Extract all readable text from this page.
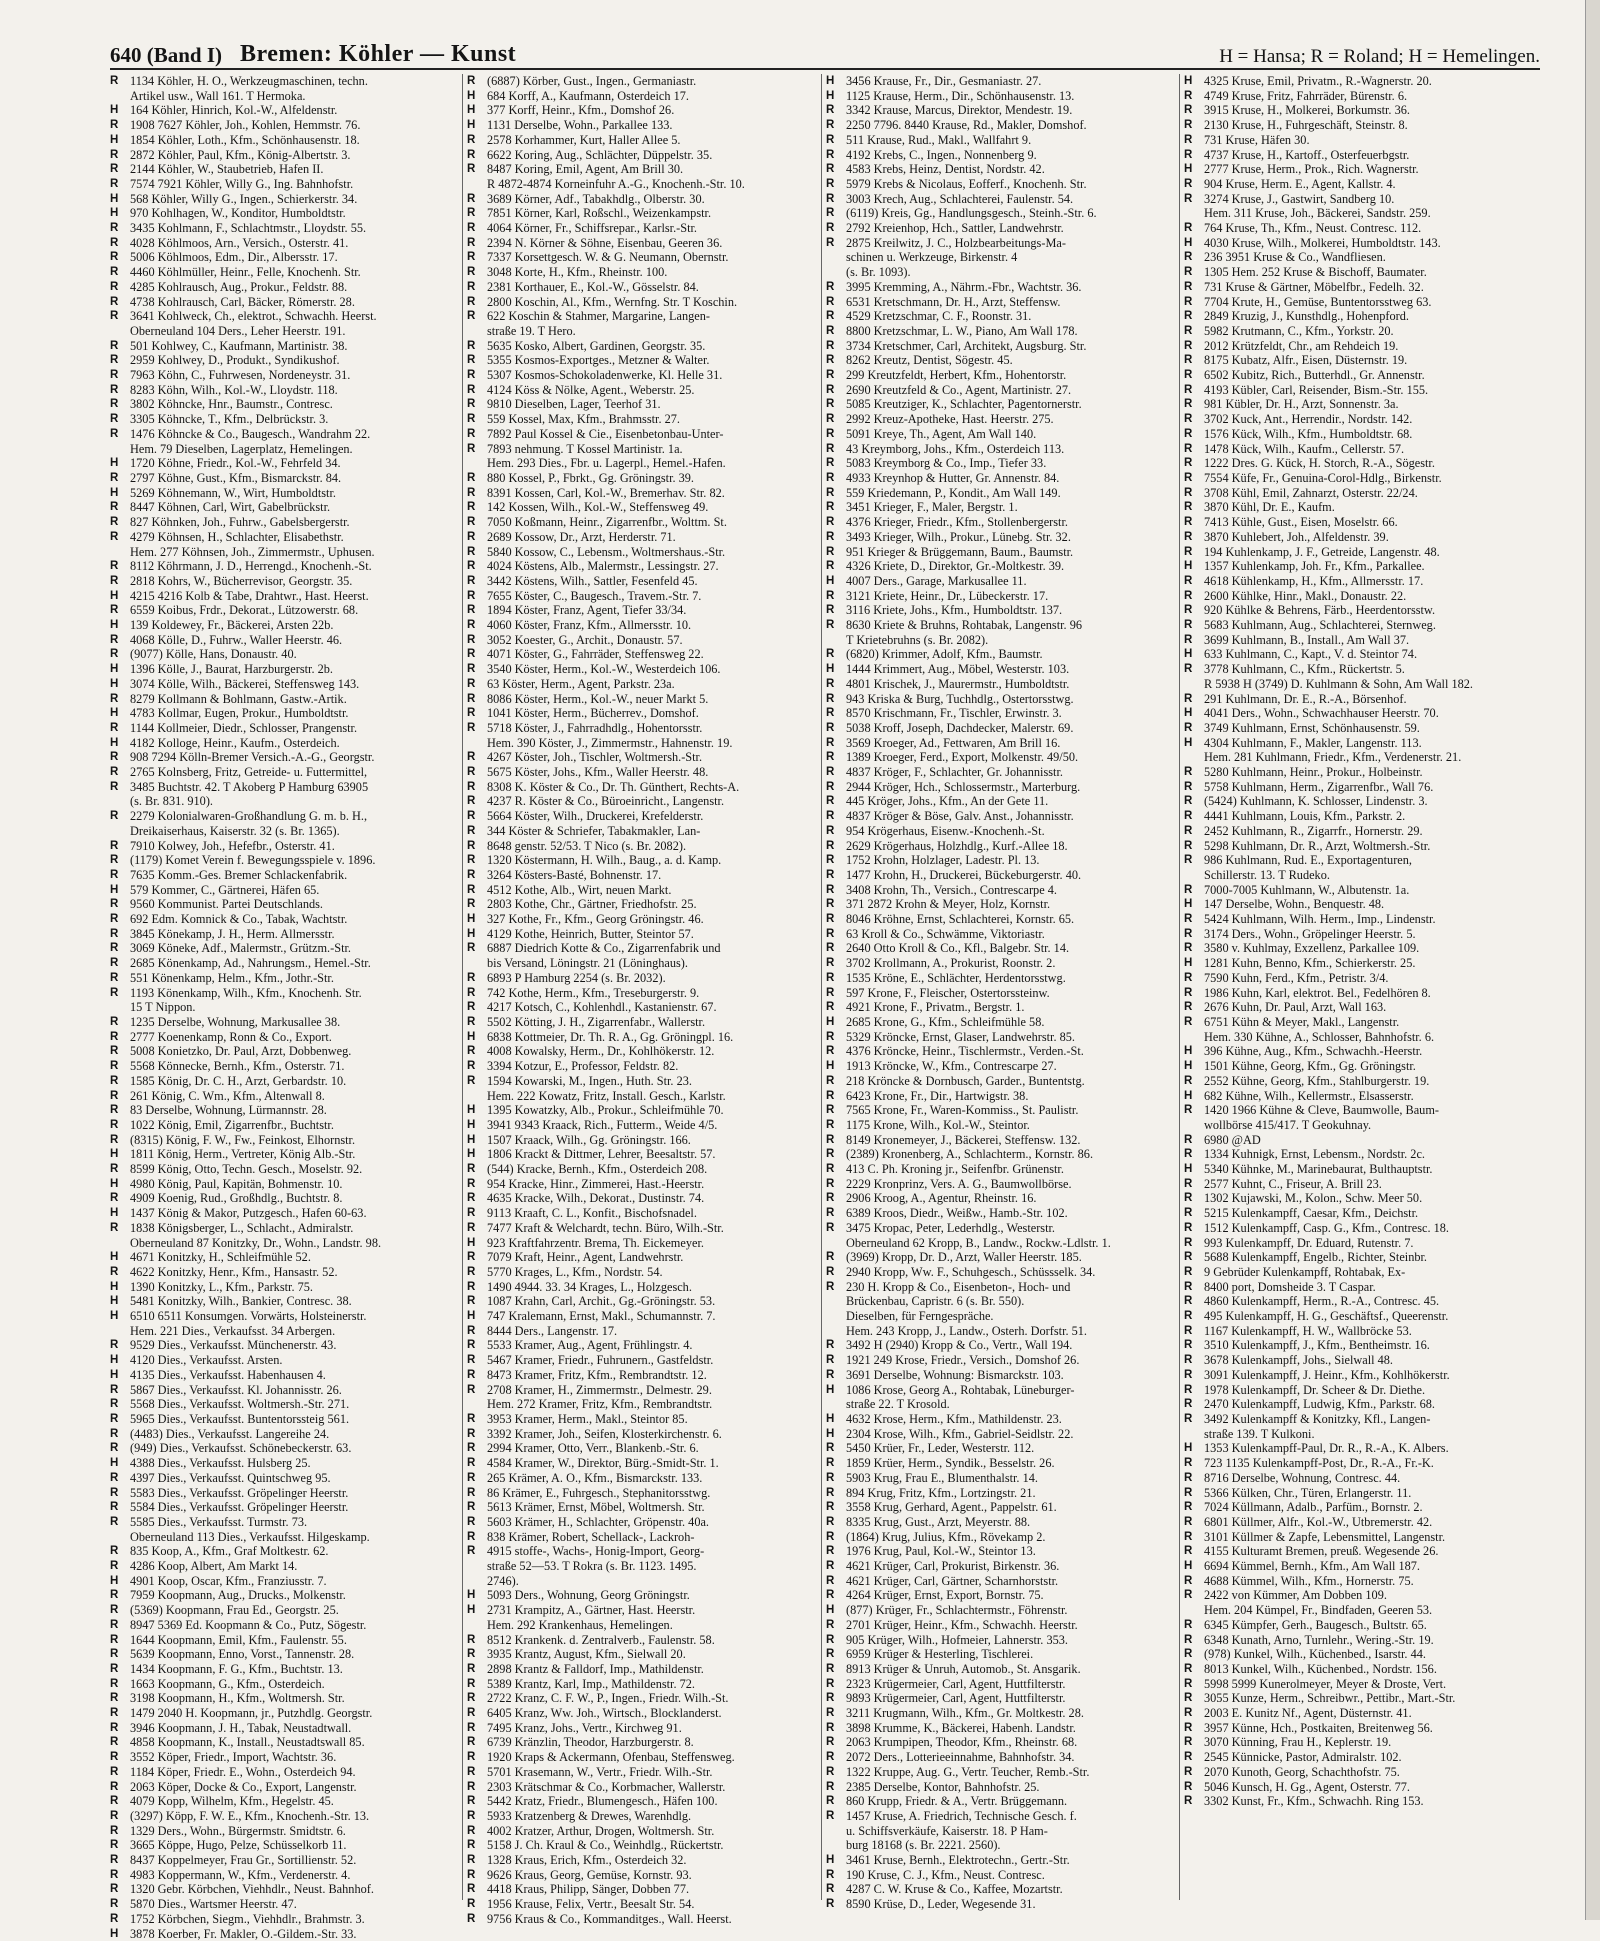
640 (Band I) Bremen: Köhler — Kunst	H = Hansa; R = Roland; H = Hemelingen.
R 1134 Köhler, H. O., Werkzeugmaschinen, techn.
Artikel usw., Wall 161. T Hermoka.
H 164 Köhler, Hinrich, Kol.-W., Alfeldenstr.
R 1908 7627 Köhler, Joh., Kohlen, Hemmstr. 76.
H 1854 Köhler, Loth., Kfm., Schönhausenstr. 18.
R 2872 Köhler, Paul, Kfm., König-Albertstr. 3.
R 2144 Köhler, W., Staubetrieb, Hafen II.
R 7574 7921 Köhler, Willy G., Ing. Bahnhofstr.
H 568 Köhler, Willy G., Ingen., Schierkerstr. 34.
H 970 Kohlhagen, W., Konditor, Humboldtstr.
R 3435 Kohlmann, F., Schlachtmstr., Lloydstr. 55.
R 4028 Köhlmoos, Arn., Versich., Osterstr. 41.
R 5006 Köhlmoos, Edm., Dir., Albersstr. 17.
R 4460 Köhlmüller, Heinr., Felle, Knochenh. Str.
R 4285 Kohlrausch, Aug., Prokur., Feldstr. 88.
R 4738 Kohlrausch, Carl, Bäcker, Römerstr. 28.
R 3641 Kohlweck, Ch., elektrot., Schwachh. Heerst.
Oberneuland 104 Ders., Leher Heerstr. 191.
R 501 Kohlwey, C., Kaufmann, Martinistr. 38.
R 2959 Kohlwey, D., Produkt., Syndikushof.
R 7963 Köhn, C., Fuhrwesen, Nordeneystr. 31.
R 8283 Köhn, Wilh., Kol.-W., Lloydstr. 118.
R 3802 Köhncke, Hnr., Baumstr., Contresc.
R 3305 Köhncke, T., Kfm., Delbrückstr. 3.
R 1476 Köhncke & Co., Baugesch., Wandrahm 22.
Hem. 79 Dieselben, Lagerplatz, Hemelingen.
H 1720 Köhne, Friedr., Kol.-W., Fehrfeld 34.
R 2797 Köhne, Gust., Kfm., Bismarckstr. 84.
H 5269 Köhnemann, W., Wirt, Humboldtstr.
R 8447 Köhnen, Carl, Wirt, Gabelbrückstr.
R 827 Köhnken, Joh., Fuhrw., Gabelsbergerstr.
R 4279 Köhnsen, H., Schlachter, Elisabethstr.
Hem. 277 Köhnsen, Joh., Zimmermstr., Uphusen.
R 8112 Köhrmann, J. D., Herrengd., Knochenh.-St.
R 2818 Kohrs, W., Bücherrevisor, Georgstr. 35.
H 4215 4216 Kolb & Tabe, Drahtwr., Hast. Heerst.
R 6559 Koibus, Frdr., Dekorat., Lützowerstr. 68.
H 139 Koldewey, Fr., Bäckerei, Arsten 22b.
R 4068 Kölle, D., Fuhrw., Waller Heerstr. 46.
R (9077) Kölle, Hans, Donaustr. 40.
H 1396 Kölle, J., Baurat, Harzburgerstr. 2b.
H 3074 Kölle, Wilh., Bäckerei, Steffensweg 143.
R 8279 Kollmann & Bohlmann, Gastw.-Artik.
H 4783 Kollmar, Eugen, Prokur., Humboldtstr.
R 1144 Kollmeier, Diedr., Schlosser, Prangenstr.
H 4182 Kolloge, Heinr., Kaufm., Osterdeich.
R 908 7294 Kölln-Bremer Versich.-A.-G., Georgstr.
R 2765 Kolnsberg, Fritz, Getreide- u. Futtermittel,
R 3485 Buchtstr. 42. T Akoberg P Hamburg 63905
(s. Br. 831. 910).
R 2279 Kolonialwaren-Großhandlung G. m. b. H.,
Dreikaiserhaus, Kaiserstr. 32 (s. Br. 1365).
R 7910 Kolwey, Joh., Hefefbr., Osterstr. 41.
R (1179) Komet Verein f. Bewegungsspiele v. 1896.
R 7635 Komm.-Ges. Bremer Schlackenfabrik.
H 579 Kommer, C., Gärtnerei, Häfen 65.
R 9560 Kommunist. Partei Deutschlands.
R 692 Edm. Komnick & Co., Tabak, Wachtstr.
R 3845 Könekamp, J. H., Herm. Allmersstr.
R 3069 Köneke, Adf., Malermstr., Grützm.-Str.
R 2685 Könenkamp, Ad., Nahrungsm., Hemel.-Str.
R 551 Könenkamp, Helm., Kfm., Jothr.-Str.
R 1193 Könenkamp, Wilh., Kfm., Knochenh. Str.
15 T Nippon.
R 1235 Derselbe, Wohnung, Markusallee 38.
R 2777 Koenenkamp, Ronn & Co., Export.
R 5008 Konietzko, Dr. Paul, Arzt, Dobbenweg.
R 5568 Könnecke, Bernh., Kfm., Osterstr. 71.
R 1585 König, Dr. C. H., Arzt, Gerbardstr. 10.
R 261 König, C. Wm., Kfm., Altenwall 8.
R 83 Derselbe, Wohnung, Lürmannstr. 28.
R 1022 König, Emil, Zigarrenfbr., Buchtstr.
R (8315) König, F. W., Fw., Feinkost, Elhornstr.
H 1811 König, Herm., Vertreter, König Alb.-Str.
R 8599 König, Otto, Techn. Gesch., Moselstr. 92.
H 4980 König, Paul, Kapitän, Bohmenstr. 10.
R 4909 Koenig, Rud., Großhdlg., Buchtstr. 8.
H 1437 König & Makor, Putzgesch., Hafen 60-63.
R 1838 Königsberger, L., Schlacht., Admiralstr.
Oberneuland 87 Konitzky, Dr., Wohn., Landstr. 98.
H 4671 Konitzky, H., Schleifmühle 52.
R 4622 Konitzky, Henr., Kfm., Hansastr. 52.
H 1390 Konitzky, L., Kfm., Parkstr. 75.
H 5481 Konitzky, Wilh., Bankier, Contresc. 38.
H 6510 6511 Konsumgen. Vorwärts, Holsteinerstr.
Hem. 221 Dies., Verkaufsst. 34 Arbergen.
R 9529 Dies., Verkaufsst. Münchenerstr. 43.
H 4120 Dies., Verkaufsst. Arsten.
H 4135 Dies., Verkaufsst. Habenhausen 4.
R 5867 Dies., Verkaufsst. Kl. Johannisstr. 26.
R 5568 Dies., Verkaufsst. Woltmersh.-Str. 271.
R 5965 Dies., Verkaufsst. Buntentorssteig 561.
R (4483) Dies., Verkaufsst. Langereihe 24.
R (949) Dies., Verkaufsst. Schönebeckerstr. 63.
H 4388 Dies., Verkaufsst. Hulsberg 25.
R 4397 Dies., Verkaufsst. Quintschweg 95.
R 5583 Dies., Verkaufsst. Gröpelinger Heerstr.
R 5584 Dies., Verkaufsst. Gröpelinger Heerstr.
R 5585 Dies., Verkaufsst. Turmstr. 73.
Oberneuland 113 Dies., Verkaufsst. Hilgeskamp.
R 835 Koop, A., Kfm., Graf Moltkestr. 62.
R 4286 Koop, Albert, Am Markt 14.
H 4901 Koop, Oscar, Kfm., Franziusstr. 7.
R 7959 Koopmann, Aug., Drucks., Molkenstr.
R (5369) Koopmann, Frau Ed., Georgstr. 25.
R 8947 5369 Ed. Koopmann & Co., Putz, Sögestr.
R 1644 Koopmann, Emil, Kfm., Faulenstr. 55.
R 5639 Koopmann, Enno, Vorst., Tannenstr. 28.
R 1434 Koopmann, F. G., Kfm., Buchtstr. 13.
R 1663 Koopmann, G., Kfm., Osterdeich.
R 3198 Koopmann, H., Kfm., Woltmersh. Str.
R 1479 2040 H. Koopmann, jr., Putzhdlg. Georgstr.
R 3946 Koopmann, J. H., Tabak, Neustadtwall.
R 4858 Koopmann, K., Install., Neustadtswall 85.
R 3552 Köper, Friedr., Import, Wachtstr. 36.
R 1184 Köper, Friedr. E., Wohn., Osterdeich 94.
R 2063 Köper, Docke & Co., Export, Langenstr.
R 4079 Kopp, Wilhelm, Kfm., Hegelstr. 45.
R (3297) Köpp, F. W. E., Kfm., Knochenh.-Str. 13.
R 1329 Ders., Wohn., Bürgermstr. Smidtstr. 6.
R 3665 Köppe, Hugo, Pelze, Schüsselkorb 11.
R 8437 Koppelmeyer, Frau Gr., Sortillienstr. 52.
R 4983 Koppermann, W., Kfm., Verdenerstr. 4.
R 1320 Gebr. Körbchen, Viehhdlr., Neust. Bahnhof.
R 5870 Dies., Wartsmer Heerstr. 47.
R 1752 Körbchen, Siegm., Viehhdlr., Brahmstr. 3.
H 3878 Koerber, Fr. Makler, O.-Gildem.-Str. 33.
R (6887) Körber, Gust., Ingen., Germaniastr.
H 684 Korff, A., Kaufmann, Osterdeich 17.
H 377 Korff, Heinr., Kfm., Domshof 26.
H 1131 Derselbe, Wohn., Parkallee 133.
R 2578 Korhammer, Kurt, Haller Allee 5.
R 6622 Koring, Aug., Schlächter, Düppelstr. 35.
R 8487 Koring, Emil, Agent, Am Brill 30.
R 4872-4874 Korneinfuhr A.-G., Knochenh.-Str. 10.
R 3689 Körner, Adf., Tabakhdlg., Olberstr. 30.
R 7851 Körner, Karl, Roßschl., Weizenkampstr.
R 4064 Körner, Fr., Schiffsrepar., Karlsr.-Str.
R 2394 N. Körner & Söhne, Eisenbau, Geeren 36.
R 7337 Korsettgesch. W. & G. Neumann, Obernstr.
R 3048 Korte, H., Kfm., Rheinstr. 100.
R 2381 Korthauer, E., Kol.-W., Gösselstr. 84.
R 2800 Koschin, Al., Kfm., Wernfng. Str. T Koschin.
R 622 Koschin & Stahmer, Margarine, Langen-
straße 19. T Hero.
R 5635 Kosko, Albert, Gardinen, Georgstr. 35.
R 5355 Kosmos-Exportges., Metzner & Walter.
R 5307 Kosmos-Schokoladenwerke, Kl. Helle 31.
R 4124 Köss & Nölke, Agent., Weberstr. 25.
R 9810 Dieselben, Lager, Teerhof 31.
R 559 Kossel, Max, Kfm., Brahmsstr. 27.
R 7892 Paul Kossel & Cie., Eisenbetonbau-Unter-
R 7893 nehmung. T Kossel Martinistr. 1a.
Hem. 293 Dies., Fbr. u. Lagerpl., Hemel.-Hafen.
R 880 Kossel, P., Fbrkt., Gg. Gröningstr. 39.
R 8391 Kossen, Carl, Kol.-W., Bremerhav. Str. 82.
R 142 Kossen, Wilh., Kol.-W., Steffensweg 49.
R 7050 Koßmann, Heinr., Zigarrenfbr., Wolttm. St.
R 2689 Kossow, Dr., Arzt, Herderstr. 71.
R 5840 Kossow, C., Lebensm., Woltmershaus.-Str.
R 4024 Köstens, Alb., Malermstr., Lessingstr. 27.
R 3442 Köstens, Wilh., Sattler, Fesenfeld 45.
R 7655 Köster, C., Baugesch., Travem.-Str. 7.
R 1894 Köster, Franz, Agent, Tiefer 33/34.
R 4060 Köster, Franz, Kfm., Allmersstr. 10.
R 3052 Koester, G., Archit., Donaustr. 57.
R 4071 Köster, G., Fahrräder, Steffensweg 22.
R 3540 Köster, Herm., Kol.-W., Westerdeich 106.
R 63 Köster, Herm., Agent, Parkstr. 23a.
R 8086 Köster, Herm., Kol.-W., neuer Markt 5.
R 1041 Köster, Herm., Bücherrev., Domshof.
R 5718 Köster, J., Fahrradhdlg., Hohentorsstr.
Hem. 390 Köster, J., Zimmermstr., Hahnenstr. 19.
R 4267 Köster, Joh., Tischler, Woltmersh.-Str.
R 5675 Köster, Johs., Kfm., Waller Heerstr. 48.
R 8308 K. Köster & Co., Dr. Th. Günthert, Rechts-A.
R 4237 R. Köster & Co., Büroeinricht., Langenstr.
R 5664 Köster, Wilh., Druckerei, Krefelderstr.
R 344 Köster & Schriefer, Tabakmakler, Lan-
R 8648 genstr. 52/53. T Nico (s. Br. 2082).
R 1320 Köstermann, H. Wilh., Baug., a. d. Kamp.
R 3264 Kösters-Basté, Bohnenstr. 17.
R 4512 Kothe, Alb., Wirt, neuen Markt.
R 2803 Kothe, Chr., Gärtner, Friedhofstr. 25.
H 327 Kothe, Fr., Kfm., Georg Gröningstr. 46.
H 4129 Kothe, Heinrich, Butter, Steintor 57.
R 6887 Diedrich Kotte & Co., Zigarrenfabrik und
bis Versand, Löningstr. 21 (Löninghaus).
R 6893 P Hamburg 2254 (s. Br. 2032).
R 742 Kothe, Herm., Kfm., Treseburgerstr. 9.
R 4217 Kotsch, C., Kohlenhdl., Kastanienstr. 67.
R 5502 Kötting, J. H., Zigarrenfabr., Wallerstr.
H 6838 Kottmeier, Dr. Th. R. A., Gg. Gröningpl. 16.
R 4008 Kowalsky, Herm., Dr., Kohlhökerstr. 12.
R 3394 Kotzur, E., Professor, Feldstr. 82.
R 1594 Kowarski, M., Ingen., Huth. Str. 23.
Hem. 222 Kowatz, Fritz, Install. Gesch., Karlstr.
H 1395 Kowatzky, Alb., Prokur., Schleifmühle 70.
H 3941 9343 Kraack, Rich., Futterm., Weide 4/5.
H 1507 Kraack, Wilh., Gg. Gröningstr. 166.
H 1806 Krackt & Dittmer, Lehrer, Beesaltstr. 57.
R (544) Kracke, Bernh., Kfm., Osterdeich 208.
R 954 Kracke, Hinr., Zimmerei, Hast.-Heerstr.
R 4635 Kracke, Wilh., Dekorat., Dustinstr. 74.
R 9113 Kraaft, C. L., Konfit., Bischofsnadel.
R 7477 Kraft & Welchardt, techn. Büro, Wilh.-Str.
H 923 Kraftfahrzentr. Brema, Th. Eickemeyer.
R 7079 Kraft, Heinr., Agent, Landwehrstr.
R 5770 Krages, L., Kfm., Nordstr. 54.
R 1490 4944. 33. 34 Krages, L., Holzgesch.
R 1087 Krahn, Carl, Archit., Gg.-Gröningstr. 53.
H 747 Kralemann, Ernst, Makl., Schumannstr. 7.
R 8444 Ders., Langenstr. 17.
R 5533 Kramer, Aug., Agent, Frühlingstr. 4.
R 5467 Kramer, Friedr., Fuhrunern., Gastfeldstr.
R 8473 Kramer, Fritz, Kfm., Rembrandtstr. 12.
R 2708 Kramer, H., Zimmermstr., Delmestr. 29.
Hem. 272 Kramer, Fritz, Kfm., Rembrandtstr.
R 3953 Kramer, Herm., Makl., Steintor 85.
R 3392 Kramer, Joh., Seifen, Klosterkirchenstr. 6.
R 2994 Kramer, Otto, Verr., Blankenb.-Str. 6.
R 4584 Kramer, W., Direktor, Bürg.-Smidt-Str. 1.
R 265 Krämer, A. O., Kfm., Bismarckstr. 133.
R 86 Krämer, E., Fuhrgesch., Stephanitorsstwg.
R 5613 Krämer, Ernst, Möbel, Woltmersh. Str.
R 5603 Krämer, H., Schlachter, Gröpenstr. 40a.
R 838 Krämer, Robert, Schellack-, Lackroh-
R 4915 stoffe-, Wachs-, Honig-Import, Georg-
straße 52—53. T Rokra (s. Br. 1123. 1495.
2746).
H 5093 Ders., Wohnung, Georg Gröningstr.
H 2731 Krampitz, A., Gärtner, Hast. Heerstr.
Hem. 292 Krankenhaus, Hemelingen.
R 8512 Krankenk. d. Zentralverb., Faulenstr. 58.
R 3935 Krantz, August, Kfm., Sielwall 20.
R 2898 Krantz & Falldorf, Imp., Mathildenstr.
R 5389 Krantz, Karl, Imp., Mathildenstr. 72.
R 2722 Kranz, C. F. W., P., Ingen., Friedr. Wilh.-St.
R 6405 Kranz, Ww. Joh., Wirtsch., Blocklanderst.
R 7495 Kranz, Johs., Vertr., Kirchweg 91.
R 6739 Kränzlin, Theodor, Harzburgerstr. 8.
R 1920 Kraps & Ackermann, Ofenbau, Steffensweg.
R 5701 Krasemann, W., Vertr., Friedr. Wilh.-Str.
R 2303 Krätschmar & Co., Korbmacher, Wallerstr.
R 5442 Kratz, Friedr., Blumengesch., Häfen 100.
R 5933 Kratzenberg & Drewes, Warenhdlg.
R 4002 Kratzer, Arthur, Drogen, Woltmersh. Str.
R 5158 J. Ch. Kraul & Co., Weinhdlg., Rückertstr.
R 1328 Kraus, Erich, Kfm., Osterdeich 32.
R 9626 Kraus, Georg, Gemüse, Kornstr. 93.
R 4418 Kraus, Philipp, Sänger, Dobben 77.
R 1956 Krause, Felix, Vertr., Beesalt Str. 54.
R 9756 Kraus & Co., Kommanditges., Wall. Heerst.
H 3456 Krause, Fr., Dir., Gesmaniastr. 27.
H 1125 Krause, Herm., Dir., Schönhausenstr. 13.
R 3342 Krause, Marcus, Direktor, Mendestr. 19.
R 2250 7796. 8440 Krause, Rd., Makler, Domshof.
R 511 Krause, Rud., Makl., Wallfahrt 9.
R 4192 Krebs, C., Ingen., Nonnenberg 9.
R 4583 Krebs, Heinz, Dentist, Nordstr. 42.
R 5979 Krebs & Nicolaus, Eofferf., Knochenh. Str.
R 3003 Krech, Aug., Schlachterei, Faulenstr. 54.
R (6119) Kreis, Gg., Handlungsgesch., Steinh.-Str. 6.
R 2792 Kreienhop, Hch., Sattler, Landwehrstr.
R 2875 Kreilwitz, J. C., Holzbearbeitungs-Ma-
schinen u. Werkzeuge, Birkenstr. 4
(s. Br. 1093).
R 3995 Kremming, A., Nährm.-Fbr., Wachtstr. 36.
R 6531 Kretschmann, Dr. H., Arzt, Steffensw.
R 4529 Kretzschmar, C. F., Roonstr. 31.
R 8800 Kretzschmar, L. W., Piano, Am Wall 178.
R 3734 Kretschmer, Carl, Architekt, Augsburg. Str.
R 8262 Kreutz, Dentist, Sögestr. 45.
R 299 Kreutzfeldt, Herbert, Kfm., Hohentorstr.
R 2690 Kreutzfeld & Co., Agent, Martinistr. 27.
R 5085 Kreutziger, K., Schlachter, Pagentornerstr.
R 2992 Kreuz-Apotheke, Hast. Heerstr. 275.
R 5091 Kreye, Th., Agent, Am Wall 140.
R 43 Kreymborg, Johs., Kfm., Osterdeich 113.
R 5083 Kreymborg & Co., Imp., Tiefer 33.
R 4933 Kreynhop & Hutter, Gr. Annenstr. 84.
R 559 Kriedemann, P., Kondit., Am Wall 149.
R 3451 Krieger, F., Maler, Bergstr. 1.
R 4376 Krieger, Friedr., Kfm., Stollenbergerstr.
R 3493 Krieger, Wilh., Prokur., Lünebg. Str. 32.
R 951 Krieger & Brüggemann, Baum., Baumstr.
R 4326 Kriete, D., Direktor, Gr.-Moltkestr. 39.
H 4007 Ders., Garage, Markusallee 11.
R 3121 Kriete, Heinr., Dr., Lübeckerstr. 17.
R 3116 Kriete, Johs., Kfm., Humboldtstr. 137.
R 8630 Kriete & Bruhns, Rohtabak, Langenstr. 96
T Krietebruhns (s. Br. 2082).
R (6820) Krimmer, Adolf, Kfm., Baumstr.
H 1444 Krimmert, Aug., Möbel, Westerstr. 103.
R 4801 Krischek, J., Maurermstr., Humboldtstr.
R 943 Kriska & Burg, Tuchhdlg., Ostertorsstwg.
R 8570 Krischmann, Fr., Tischler, Erwinstr. 3.
R 5038 Kroff, Joseph, Dachdecker, Malerstr. 69.
R 3569 Kroeger, Ad., Fettwaren, Am Brill 16.
R 1389 Kroeger, Ferd., Export, Molkenstr. 49/50.
R 4837 Kröger, F., Schlachter, Gr. Johannisstr.
R 2944 Kröger, Hch., Schlossermstr., Marterburg.
R 445 Kröger, Johs., Kfm., An der Gete 11.
R 4837 Kröger & Böse, Galv. Anst., Johannisstr.
R 954 Krögerhaus, Eisenw.-Knochenh.-St.
R 2629 Krögerhaus, Holzhdlg., Kurf.-Allee 18.
R 1752 Krohn, Holzlager, Ladestr. Pl. 13.
R 1477 Krohn, H., Druckerei, Bückeburgerstr. 40.
R 3408 Krohn, Th., Versich., Contrescarpe 4.
R 371 2872 Krohn & Meyer, Holz, Kornstr.
R 8046 Kröhne, Ernst, Schlachterei, Kornstr. 65.
R 63 Kroll & Co., Schwämme, Viktoriastr.
R 2640 Otto Kroll & Co., Kfl., Balgebr. Str. 14.
R 3702 Krollmann, A., Prokurist, Roonstr. 2.
R 1535 Kröne, E., Schlächter, Herdentorsstwg.
R 597 Krone, F., Fleischer, Ostertorssteinw.
R 4921 Krone, F., Privatm., Bergstr. 1.
H 2685 Krone, G., Kfm., Schleifmühle 58.
R 5329 Kröncke, Ernst, Glaser, Landwehrstr. 85.
R 4376 Kröncke, Heinr., Tischlermstr., Verden.-St.
H 1913 Kröncke, W., Kfm., Contrescarpe 27.
R 218 Kröncke & Dornbusch, Garder., Buntentstg.
R 6423 Krone, Fr., Dir., Hartwigstr. 38.
R 7565 Krone, Fr., Waren-Kommiss., St. Paulistr.
R 1175 Krone, Wilh., Kol.-W., Steintor.
R 8149 Kronemeyer, J., Bäckerei, Steffensw. 132.
R (2389) Kronenberg, A., Schlachterm., Kornstr. 86.
R 413 C. Ph. Kroning jr., Seifenfbr. Grünenstr.
R 2229 Kronprinz, Vers. A. G., Baumwollbörse.
R 2906 Kroog, A., Agentur, Rheinstr. 16.
R 6389 Kroos, Diedr., Weißw., Hamb.-Str. 102.
R 3475 Kropac, Peter, Lederhdlg., Westerstr.
Oberneuland 62 Kropp, B., Landw., Rockw.-Ldlstr. 1.
R (3969) Kropp, Dr. D., Arzt, Waller Heerstr. 185.
R 2940 Kropp, Ww. F., Schuhgesch., Schüssselk. 34.
R 230 H. Kropp & Co., Eisenbeton-, Hoch- und
Brückenbau, Capristr. 6 (s. Br. 550).
Dieselben, für Ferngespräche.
Hem. 243 Kropp, J., Landw., Osterh. Dorfstr. 51.
R 3492 H (2940) Kropp & Co., Vertr., Wall 194.
R 1921 249 Krose, Friedr., Versich., Domshof 26.
R 3691 Derselbe, Wohnung: Bismarckstr. 103.
H 1086 Krose, Georg A., Rohtabak, Lüneburger-
straße 22. T Krosold.
H 4632 Krose, Herm., Kfm., Mathildenstr. 23.
H 2304 Krose, Wilh., Kfm., Gabriel-Seidlstr. 22.
R 5450 Krüer, Fr., Leder, Westerstr. 112.
R 1859 Krüer, Herm., Syndik., Besselstr. 26.
R 5903 Krug, Frau E., Blumenthalstr. 14.
R 894 Krug, Fritz, Kfm., Lortzingstr. 21.
R 3558 Krug, Gerhard, Agent., Pappelstr. 61.
R 8335 Krug, Gust., Arzt, Meyerstr. 88.
R (1864) Krug, Julius, Kfm., Rövekamp 2.
R 1976 Krug, Paul, Kol.-W., Steintor 13.
R 4621 Krüger, Carl, Prokurist, Birkenstr. 36.
R 4621 Krüger, Carl, Gärtner, Scharnhorststr.
R 4264 Krüger, Ernst, Export, Bornstr. 75.
H (877) Krüger, Fr., Schlachtermstr., Föhrenstr.
R 2701 Krüger, Heinr., Kfm., Schwachh. Heerstr.
R 905 Krüger, Wilh., Hofmeier, Lahnerstr. 353.
R 6959 Krüger & Hesterling, Tischlerei.
R 8913 Krüger & Unruh, Automob., St. Ansgarik.
R 2323 Krügermeier, Carl, Agent, Huttfilterstr.
R 9893 Krügermeier, Carl, Agent, Huttfilterstr.
R 3211 Krugmann, Wilh., Kfm., Gr. Moltkestr. 28.
R 3898 Krumme, K., Bäckerei, Habenh. Landstr.
R 2063 Krumpipen, Theodor, Kfm., Rheinstr. 68.
R 2072 Ders., Lotterieeinnahme, Bahnhofstr. 34.
R 1322 Kruppe, Aug. G., Vertr. Teucher, Remb.-Str.
R 2385 Derselbe, Kontor, Bahnhofstr. 25.
R 860 Krupp, Friedr. & A., Vertr. Brüggemann.
R 1457 Kruse, A. Friedrich, Technische Gesch. f.
u. Schiffsverkäufe, Kaiserstr. 18. P Ham-
burg 18168 (s. Br. 2221. 2560).
H 3461 Kruse, Bernh., Elektrotechn., Gertr.-Str.
R 190 Kruse, C. J., Kfm., Neust. Contresc.
R 4287 C. W. Kruse & Co., Kaffee, Mozartstr.
R 8590 Krüse, D., Leder, Wegesende 31.
H 4325 Kruse, Emil, Privatm., R.-Wagnerstr. 20.
R 4749 Kruse, Fritz, Fahrräder, Bürenstr. 6.
R 3915 Kruse, H., Molkerei, Borkumstr. 36.
R 2130 Kruse, H., Fuhrgeschäft, Steinstr. 8.
R 731 Kruse, Häfen 30.
R 4737 Kruse, H., Kartoff., Osterfeuerbgstr.
H 2777 Kruse, Herm., Prok., Rich. Wagnerstr.
R 904 Kruse, Herm. E., Agent, Kallstr. 4.
R 3274 Kruse, J., Gastwirt, Sandberg 10.
Hem. 311 Kruse, Joh., Bäckerei, Sandstr. 259.
R 764 Kruse, Th., Kfm., Neust. Contresc. 112.
H 4030 Kruse, Wilh., Molkerei, Humboldtstr. 143.
R 236 3951 Kruse & Co., Wandfliesen.
R 1305 Hem. 252 Kruse & Bischoff, Baumater.
R 731 Kruse & Gärtner, Möbelfbr., Fedelh. 32.
R 7704 Krute, H., Gemüse, Buntentorsstweg 63.
R 2849 Kruzig, J., Kunsthdlg., Hohenpford.
R 5982 Krutmann, C., Kfm., Yorkstr. 20.
R 2012 Krützfeldt, Chr., am Rehdeich 19.
R 8175 Kubatz, Alfr., Eisen, Düsternstr. 19.
R 6502 Kubitz, Rich., Butterhdl., Gr. Annenstr.
R 4193 Kübler, Carl, Reisender, Bism.-Str. 155.
R 981 Kübler, Dr. H., Arzt, Sonnenstr. 3a.
R 3702 Kuck, Ant., Herrendir., Nordstr. 142.
R 1576 Kück, Wilh., Kfm., Humboldtstr. 68.
R 1478 Kück, Wilh., Kaufm., Cellerstr. 57.
R 1222 Dres. G. Kück, H. Storch, R.-A., Sögestr.
R 7554 Küfe, Fr., Genuina-Corol-Hdlg., Birkenstr.
R 3708 Kühl, Emil, Zahnarzt, Osterstr. 22/24.
R 3870 Kühl, Dr. E., Kaufm.
R 7413 Kühle, Gust., Eisen, Moselstr. 66.
R 3870 Kuhlebert, Joh., Alfeldenstr. 39.
R 194 Kuhlenkamp, J. F., Getreide, Langenstr. 48.
H 1357 Kuhlenkamp, Joh. Fr., Kfm., Parkallee.
R 4618 Kühlenkamp, H., Kfm., Allmersstr. 17.
R 2600 Kühlke, Hinr., Makl., Donaustr. 22.
R 920 Kühlke & Behrens, Färb., Heerdentorsstw.
R 5683 Kuhlmann, Aug., Schlachterei, Sternweg.
R 3699 Kuhlmann, B., Install., Am Wall 37.
H 633 Kuhlmann, C., Kapt., V. d. Steintor 74.
R 3778 Kuhlmann, C., Kfm., Rückertstr. 5.
R 5938 H (3749) D. Kuhlmann & Sohn, Am Wall 182.
R 291 Kuhlmann, Dr. E., R.-A., Börsenhof.
H 4041 Ders., Wohn., Schwachhauser Heerstr. 70.
R 3749 Kuhlmann, Ernst, Schönhausenstr. 59.
H 4304 Kuhlmann, F., Makler, Langenstr. 113.
Hem. 281 Kuhlmann, Friedr., Kfm., Verdenerstr. 21.
R 5280 Kuhlmann, Heinr., Prokur., Holbeinstr.
R 5758 Kuhlmann, Herm., Zigarrenfbr., Wall 76.
R (5424) Kuhlmann, K. Schlosser, Lindenstr. 3.
R 4441 Kuhlmann, Louis, Kfm., Parkstr. 2.
R 2452 Kuhlmann, R., Zigarrfr., Hornerstr. 29.
R 5298 Kuhlmann, Dr. R., Arzt, Woltmersh.-Str.
R 986 Kuhlmann, Rud. E., Exportagenturen,
Schillerstr. 13. T Rudeko.
R 7000-7005 Kuhlmann, W., Albutenstr. 1a.
H 147 Derselbe, Wohn., Benquestr. 48.
R 5424 Kuhlmann, Wilh. Herm., Imp., Lindenstr.
R 3174 Ders., Wohn., Gröpelinger Heerstr. 5.
R 3580 v. Kuhlmay, Exzellenz, Parkallee 109.
H 1281 Kuhn, Benno, Kfm., Schierkerstr. 25.
R 7590 Kuhn, Ferd., Kfm., Petristr. 3/4.
R 1986 Kuhn, Karl, elektrot. Bel., Fedelhören 8.
R 2676 Kuhn, Dr. Paul, Arzt, Wall 163.
R 6751 Kühn & Meyer, Makl., Langenstr.
Hem. 330 Kühne, A., Schlosser, Bahnhofstr. 6.
H 396 Kühne, Aug., Kfm., Schwachh.-Heerstr.
H 1501 Kühne, Georg, Kfm., Gg. Gröningstr.
R 2552 Kühne, Georg, Kfm., Stahlburgerstr. 19.
H 682 Kühne, Wilh., Kellermstr., Elsasserstr.
R 1420 1966 Kühne & Cleve, Baumwolle, Baum-
wollbörse 415/417. T Geokuhnay.
R 6980 @AD
R 1334 Kuhnigk, Ernst, Lebensm., Nordstr. 2c.
H 5340 Kühnke, M., Marinebaurat, Bulthauptstr.
R 2577 Kuhnt, C., Friseur, A. Brill 23.
R 1302 Kujawski, M., Kolon., Schw. Meer 50.
R 5215 Kulenkampff, Caesar, Kfm., Deichstr.
R 1512 Kulenkampff, Casp. G., Kfm., Contresc. 18.
R 993 Kulenkampff, Dr. Eduard, Rutenstr. 7.
R 5688 Kulenkampff, Engelb., Richter, Steinbr.
R 9 Gebrüder Kulenkampff, Rohtabak, Ex-
R 8400 port, Domsheide 3. T Caspar.
R 4860 Kulenkampff, Herm., R.-A., Contresc. 45.
R 495 Kulenkampff, H. G., Geschäftsf., Queerenstr.
R 1167 Kulenkampff, H. W., Wallbröcke 53.
R 3510 Kulenkampff, J., Kfm., Bentheimstr. 16.
R 3678 Kulenkampff, Johs., Sielwall 48.
R 3091 Kulenkampff, J. Heinr., Kfm., Kohlhökerstr.
R 1978 Kulenkampff, Dr. Scheer & Dr. Diethe.
R 2470 Kulenkampff, Ludwig, Kfm., Parkstr. 68.
R 3492 Kulenkampff & Konitzky, Kfl., Langen-
straße 139. T Kulkoni.
H 1353 Kulenkampff-Paul, Dr. R., R.-A., K. Albers.
R 723 1135 Kulenkampff-Post, Dr., R.-A., Fr.-K.
R 8716 Derselbe, Wohnung, Contresc. 44.
R 5366 Külken, Chr., Türen, Erlangerstr. 11.
R 7024 Küllmann, Adalb., Parfüm., Bornstr. 2.
R 6801 Küllmer, Alfr., Kol.-W., Utbremerstr. 42.
R 3101 Küllmer & Zapfe, Lebensmittel, Langenstr.
R 4155 Kulturamt Bremen, preuß. Wegesende 26.
H 6694 Kümmel, Bernh., Kfm., Am Wall 187.
R 4688 Kümmel, Wilh., Kfm., Hornerstr. 75.
R 2422 von Kümmer, Am Dobben 109.
Hem. 204 Kümpel, Fr., Bindfaden, Geeren 53.
R 6345 Kümpfer, Gerh., Baugesch., Bultstr. 65.
R 6348 Kunath, Arno, Turnlehr., Wering.-Str. 19.
R (978) Kunkel, Wilh., Küchenbed., Isarstr. 44.
R 8013 Kunkel, Wilh., Küchenbed., Nordstr. 156.
R 5998 5999 Kunerolmeyer, Meyer & Droste, Vert.
R 3055 Kunze, Herm., Schreibwr., Pettibr., Mart.-Str.
R 2003 E. Kunitz Nf., Agent, Düsternstr. 41.
R 3957 Künne, Hch., Postkaiten, Breitenweg 56.
R 3070 Künning, Frau H., Keplerstr. 19.
R 2545 Künnicke, Pastor, Admiralstr. 102.
R 2070 Kunoth, Georg, Schachthofstr. 75.
R 5046 Kunsch, H. Gg., Agent, Osterstr. 77.
R 3302 Kunst, Fr., Kfm., Schwachh. Ring 153.
